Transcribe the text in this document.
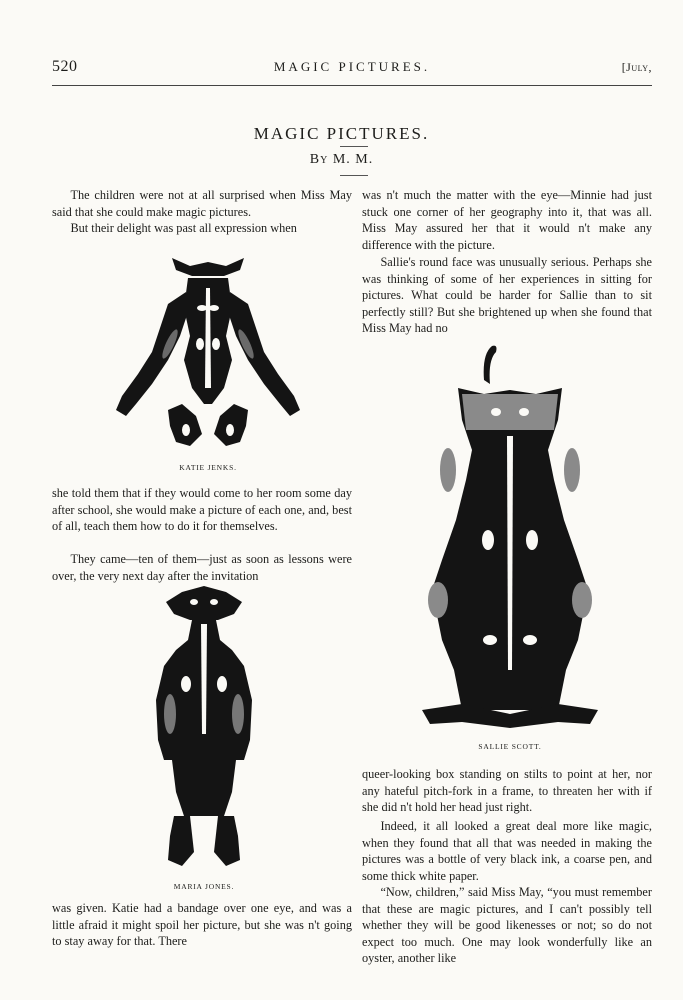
520	MAGIC PICTURES.	[July,
MAGIC PICTURES.
By M. M.

The children were not at all surprised when Miss May said that she could make magic pictures.

But their delight was past all expression when

KATIE JENKS.

she told them that if they would come to her room some day after school, she would make a picture of each one, and, best of all, teach them how to do it for themselves.

They came—ten of them—just as soon as lessons were over, the very next day after the invitation

MARIA JONES.

was given. Katie had a bandage over one eye, and was a little afraid it might spoil her picture, but she was n't going to stay away for that. There

was n't much the matter with the eye—Minnie had just stuck one corner of her geography into it, that was all. Miss May assured her that it would n't make any difference with the picture.

Sallie's round face was unusually serious. Perhaps she was thinking of some of her experiences in sitting for pictures. What could be harder for Sallie than to sit perfectly still? But she brightened up when she found that Miss May had no

SALLIE SCOTT.

queer-looking box standing on stilts to point at her, nor any hateful pitch-fork in a frame, to threaten her with if she did n't hold her head just right.

Indeed, it all looked a great deal more like magic, when they found that all that was needed in making the pictures was a bottle of very black ink, a coarse pen, and some thick white paper.

“Now, children,” said Miss May, “you must remember that these are magic pictures, and I can't possibly tell whether they will be good likenesses or not; so do not expect too much. One may look wonderfully like an oyster, another like
